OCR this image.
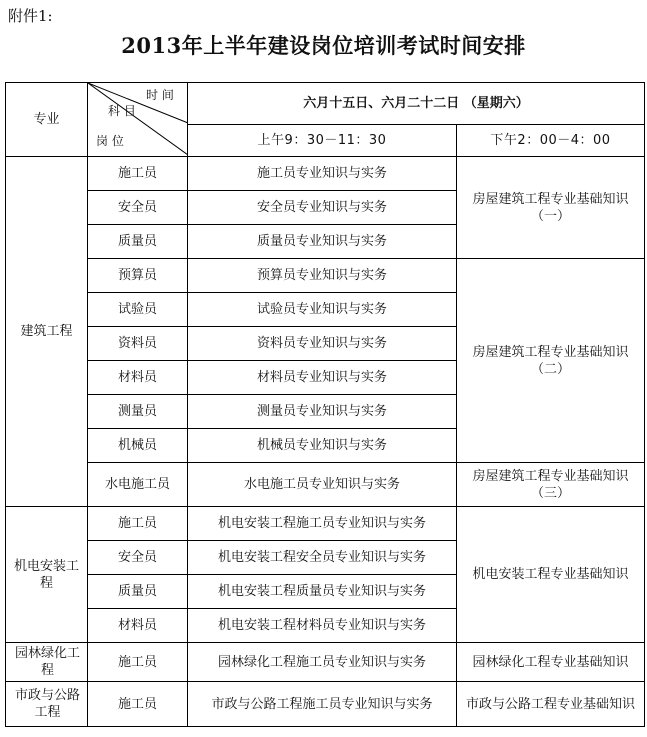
附件1:
2013年上半年建设岗位培训考试时间安排
专业	时 间
科 目
岗 位	六月十五日、六月二十二日 （星期六）	
		上午9：30－11：30	下午2：00－4：00
建筑工程	施工员	施工员专业知识与实务	房屋建筑工程专业基础知识（一）
	安全员	安全员专业知识与实务	
	质量员	质量员专业知识与实务	
	预算员	预算员专业知识与实务	房屋建筑工程专业基础知识（二）
	试验员	试验员专业知识与实务	
	资料员	资料员专业知识与实务	
	材料员	材料员专业知识与实务	
	测量员	测量员专业知识与实务	
	机械员	机械员专业知识与实务	
	水电施工员	水电施工员专业知识与实务	房屋建筑工程专业基础知识（三）
机电安装工程	施工员	机电安装工程施工员专业知识与实务	机电安装工程专业基础知识
	安全员	机电安装工程安全员专业知识与实务	
	质量员	机电安装工程质量员专业知识与实务	
	材料员	机电安装工程材料员专业知识与实务	
园林绿化工程	施工员	园林绿化工程施工员专业知识与实务	园林绿化工程专业基础知识
市政与公路工程	施工员	市政与公路工程施工员专业知识与实务	市政与公路工程专业基础知识
